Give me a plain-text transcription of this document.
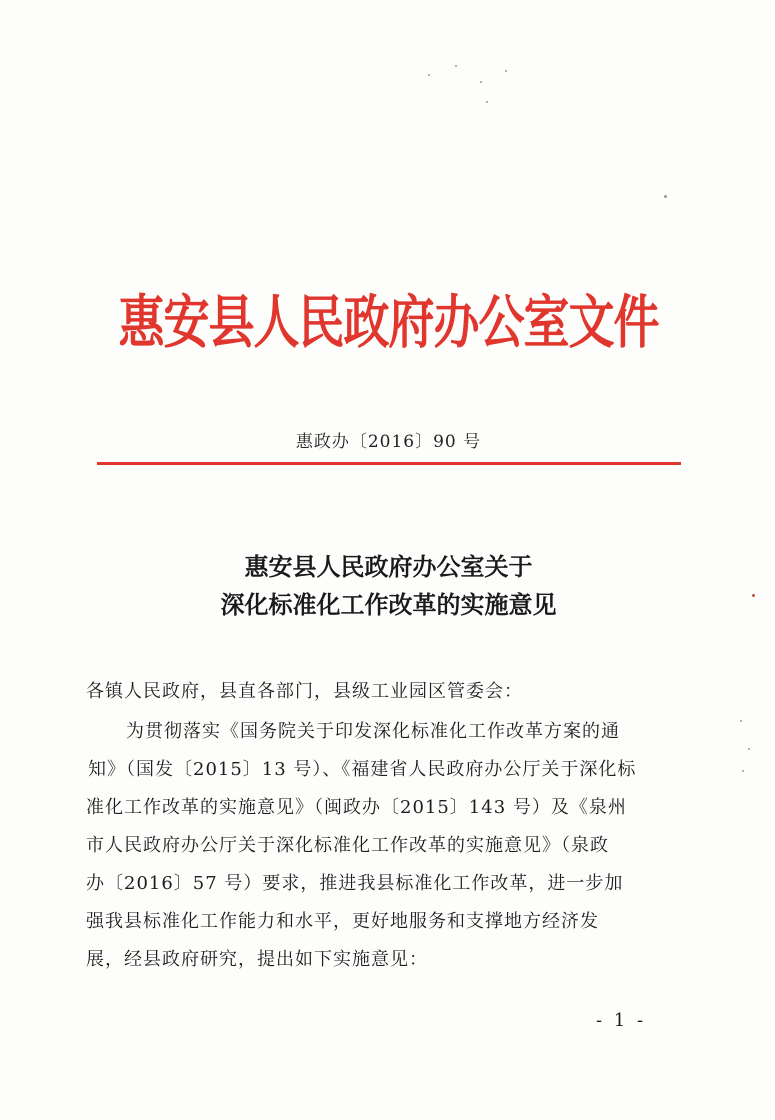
惠安县人民政府办公室文件
惠政办〔2016〕90 号
惠安县人民政府办公室关于
深化标准化工作改革的实施意见
各镇人民政府，县直各部门，县级工业园区管委会：
为贯彻落实《国务院关于印发深化标准化工作改革方案的通
知》（国发〔2015〕13 号）、《福建省人民政府办公厅关于深化标
准化工作改革的实施意见》（闽政办〔2015〕143 号）及《泉州
市人民政府办公厅关于深化标准化工作改革的实施意见》（泉政
办〔2016〕57 号）要求，推进我县标准化工作改革，进一步加
强我县标准化工作能力和水平，更好地服务和支撑地方经济发
展，经县政府研究，提出如下实施意见：
- 1 -
